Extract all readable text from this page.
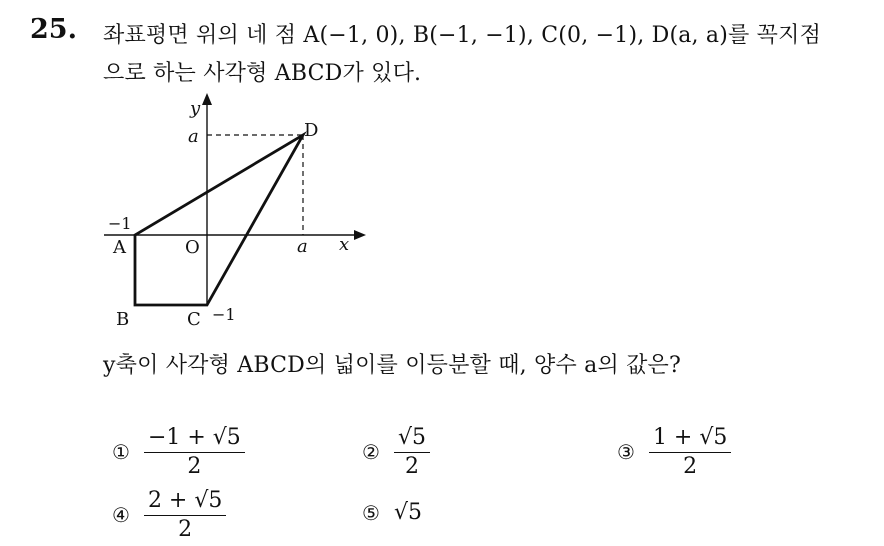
25. 좌표평면 위의 네 점 A(−1, 0), B(−1, −1), C(0, −1), D(a, a)를 꼭지점
으로 하는 사각형 ABCD가 있다.
y
x
a
a
−1
−1
O
A
B	C
D
y축이 사각형 ABCD의 넓이를 이등분할 때, 양수 a의 값은?
① $\frac{-1 + √5}{2}$	② $\frac{√5}{2}$	③ $\frac{1 + √5}{2}$
④ $\frac{2 + √5}{2}$	⑤ √5
